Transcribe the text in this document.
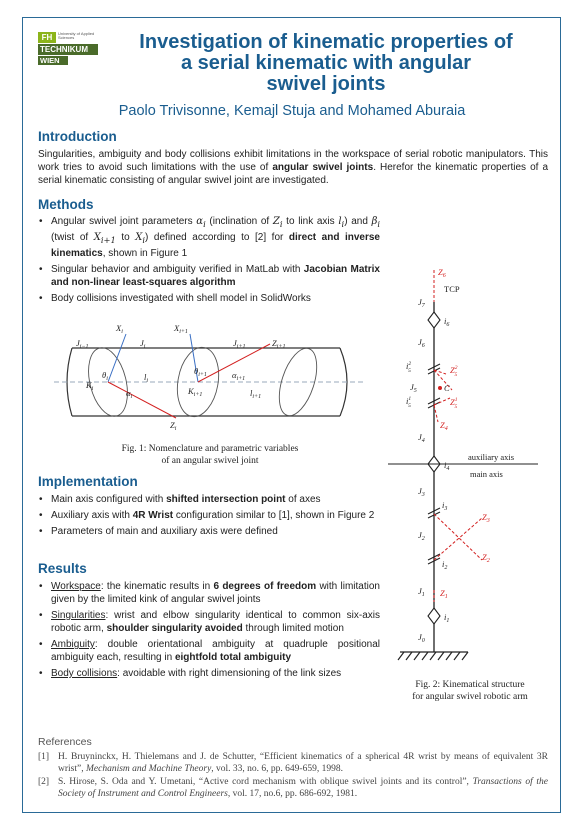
FH	University of Applied Sciences
TECHNIKUM
WIEN
Investigation of kinematic properties of
a serial kinematic with angular
swivel joints
Paolo Trivisonne, Kemajl Stuja and Mohamed Aburaia
Introduction
Singularities, ambiguity and body collisions exhibit limitations in the workspace of serial robotic manipulators. This work tries to avoid such limitations with the use of angular swivel joints. Herefor the kinematic properties of a serial kinematic consisting of angular swivel joint are investigated.
Methods
• Angular swivel joint parameters $\alpha_i$ (inclination of $Z_i$ to link axis $l_i$) and $\beta_i$ (twist of $X_{i+1}$ to $X_i$) defined according to [2] for direct and inverse kinematics, shown in Figure 1
• Singular behavior and ambiguity verified in MatLab with Jacobian Matrix and non-linear least-squares algorithm
• Body collisions investigated with shell model in SolidWorks
$X_i$	$X_{i+1}$
$J_{i-1}$	$J_i$	$J_{i+1}$	$Z_{i+1}$
$K_i$
$\theta_i$	$l_i$
$\theta_{i+1}$
$K_{i+1}$
$\alpha_i$
$\alpha_{i+1}$
$l_{i+1}$
$Z_i$
Fig. 1: Nomenclature and parametric variables
of an angular swivel joint
Implementation
• Main axis configured with shifted intersection point of axes
• Auxiliary axis with 4R Wrist configuration similar to [1], shown in Figure 2
• Parameters of main and auxiliary axis were defined
Results
• Workspace: the kinematic results in 6 degrees of freedom with limitation given by the limited kink of angular swivel joints
• Singularities: wrist and elbow singularity identical to common six-axis robotic arm, shoulder singularity avoided through limited motion
• Ambiguity: double orientational ambiguity at quadruple positional ambiguity each, resulting in eightfold total ambiguity
• Body collisions: avoidable with right dimensioning of the link sizes
$Z_6$
TCP
$J_7$
$i_6$
$J_6$
$i^2$ 5	$Z^2$ 5
$J_5$	C
$i^1$ 5	$Z^1$ 5
$Z_4$
$J_4$
$i_4$
auxiliary axis
main axis
$J_3$
$i_3$
$Z_3$
$J_2$
$Z_2$
$i_2$
$J_1$ $Z_1$
$i_1$
$J_0$
Fig. 2: Kinematical structure
for angular swivel robotic arm
References
[1] H. Bruyninckx, H. Thielemans and J. de Schutter, “Efficient kinematics of a spherical 4R wrist by means of equivalent 3R wrist”, Mechanism and Machine Theory, vol. 33, no. 6, pp. 649-659, 1998.
[2] S. Hirose, S. Oda and Y. Umetani, “Active cord mechanism with oblique swivel joints and its control”, Transactions of the Society of Instrument and Control Engineers, vol. 17, no.6, pp. 686-692, 1981.
